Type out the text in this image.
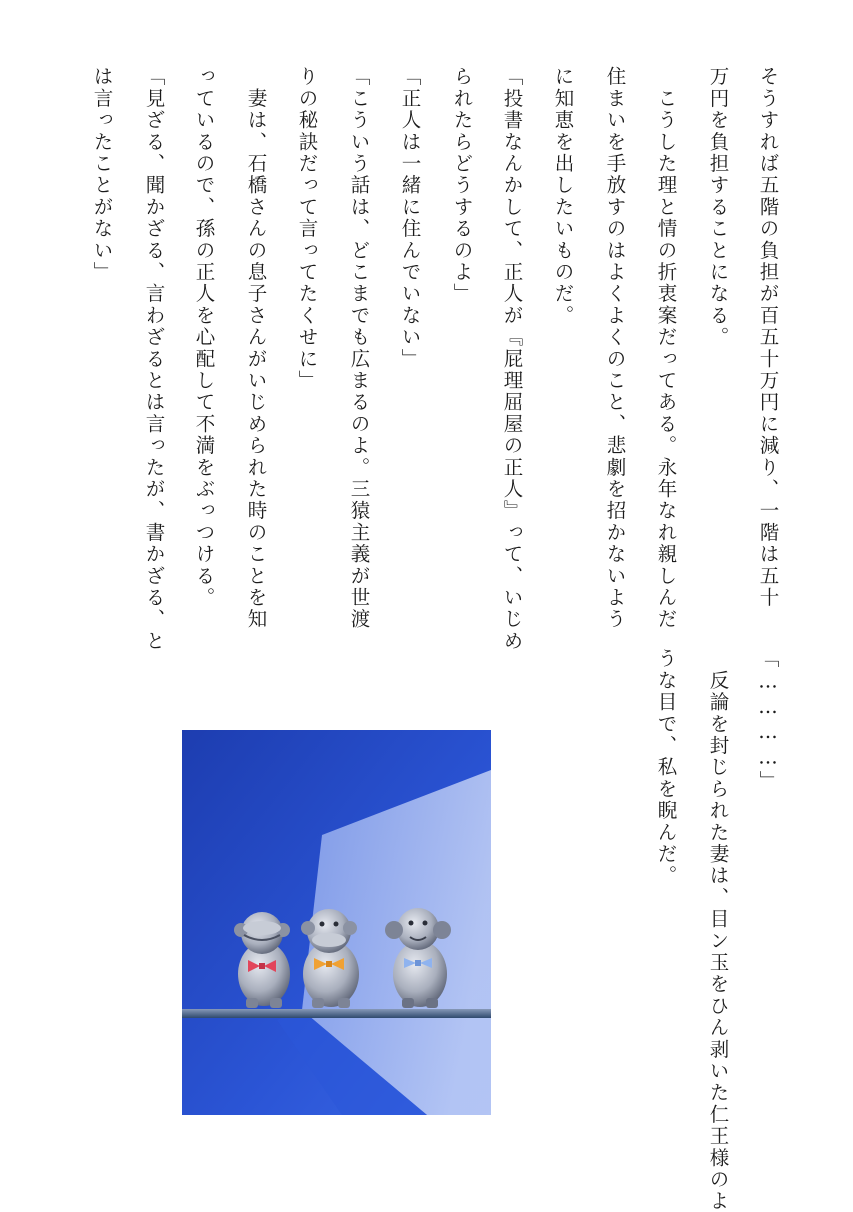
そうすれば五階の負担が百五十万円に減り、一階は五十
万円を負担することになる。
　こうした理と情の折衷案だってある。永年なれ親しんだ
住まいを手放すのはよくよくのこと、悲劇を招かないよう
に知恵を出したいものだ。
「投書なんかして、正人が『屁理屈屋の正人』って、いじめ
られたらどうするのよ」
「正人は一緒に住んでいない」
「こういう話は、どこまでも広まるのよ。三猿主義が世渡
りの秘訣だって言ってたくせに」
　妻は、石橋さんの息子さんがいじめられた時のことを知
っているので、孫の正人を心配して不満をぶっつける。
「見ざる、聞かざる、言わざるとは言ったが、書かざる、と
は言ったことがない」
「…………」
　反論を封じられた妻は、目ン玉をひん剥いた仁王様のよ
うな目で、私を睨んだ。
